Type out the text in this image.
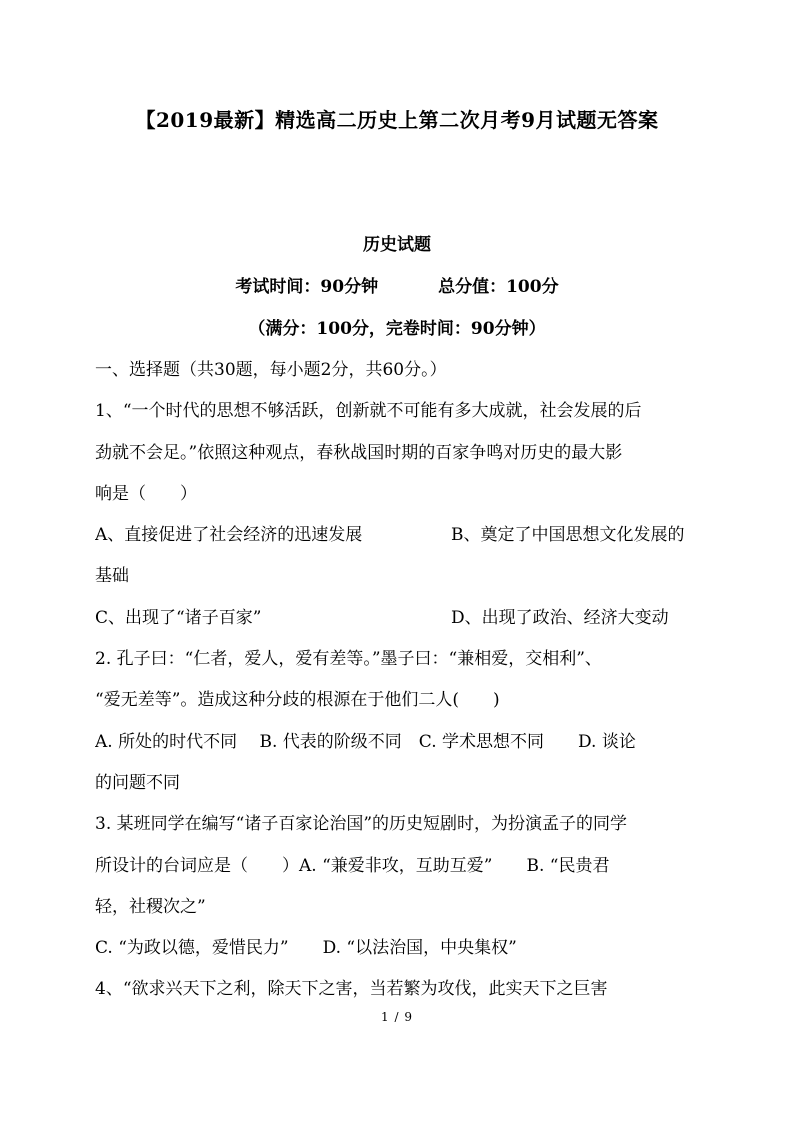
【2019最新】精选高二历史上第二次月考9月试题无答案
历史试题
考试时间：90分钟	总分值：100分
（满分：100分，完卷时间：90分钟）
一、选择题（共30题，每小题2分，共60分。）
1、“一个时代的思想不够活跃，创新就不可能有多大成就，社会发展的后
劲就不会足。”依照这种观点，春秋战国时期的百家争鸣对历史的最大影
响是（　　）
A、直接促进了社会经济的迅速发展	B、奠定了中国思想文化发展的
基础
C、出现了“诸子百家”	D、出现了政治、经济大变动
2. 孔子曰：“仁者，爱人，爱有差等。”墨子曰：“兼相爱，交相利”、
“爱无差等”。造成这种分歧的根源在于他们二人(　　)
A. 所处的时代不同　 B. 代表的阶级不同　C. 学术思想不同　　D. 谈论
的问题不同
3. 某班同学在编写“诸子百家论治国”的历史短剧时，为扮演孟子的同学
所设计的台词应是（　　）A. “兼爱非攻，互助互爱”　　B. “民贵君
轻，社稷次之”
C. “为政以德，爱惜民力”　　D. “以法治国，中央集权”
4、“欲求兴天下之利，除天下之害，当若繁为攻伐，此实天下之巨害
1 / 9
